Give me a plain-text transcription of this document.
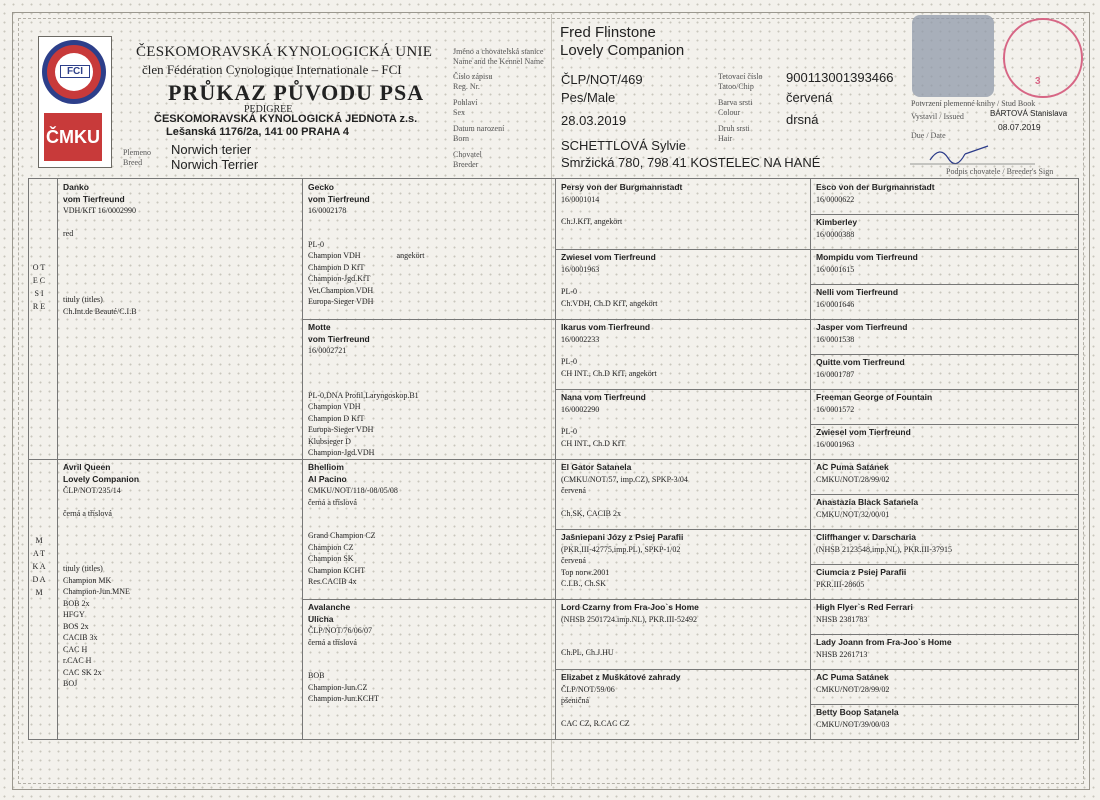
FCI
ČMKU
ČESKOMORAVSKÁ KYNOLOGICKÁ UNIE
člen Fédération Cynologique Internationale – FCI
PRŮKAZ PŮVODU PSA
PEDIGREE
ČESKOMORAVSKÁ KYNOLOGICKÁ JEDNOTA z.s.
Lešanská 1176/2a, 141 00 PRAHA 4
Plemeno
Breed
Norwich terier
Norwich Terrier
Jméno a chovatelská stanice
Name and the Kennel Name
Číslo zápisu
Reg. Nr.
Pohlaví
Sex
Datum narození
Born
Chovatel
Breeder
Fred Flinstone
Lovely Companion
ČLP/NOT/469
Pes/Male
28.03.2019
SCHETTLOVÁ Sylvie
Smržická 780, 798 41 KOSTELEC NA HANÉ
Tetovací číslo
Tatoo/Chip
Barva srsti
Colour
Druh srsti
Hair
900113001393466
červená
drsná
3
Potvrzení plemenné knihy / Stud Book
Vystavil / Issued	BÁRTOVÁ Stanislava
Due / Date
08.07.2019
Podpis chovatele / Breeder's Sign
O T E C S I R E
M A T K A D A M
Danko
vom Tierfreund
VDH/KfT 16/0002990
red
tituly (titles)
Ch.Int.de Beauté/C.I.B
Avril Queen
Lovely Companion
ČLP/NOT/235/14
černá a tříslová
tituly (titles)
Champion MK
Champion-Jun.MNE
BOB 2x
HFGY
BOS 2x
CACIB 3x
CAC H
r.CAC H
CAC SK 2x
BOJ
Gecko
vom Tierfreund
16/0002178
PL-0
Champion VDH                  angekört
Champion D KfT
Champion-Jgd.KfT
Vet.Champion VDH
Europa-Sieger VDH
Motte
vom Tierfreund
16/0002721
PL-0,DNA Profil,Laryngoskop.B1
Champion VDH
Champion D KfT
Europa-Sieger VDH
Klubsieger D
Champion-Jgd.VDH
Bhelliom
Al Pacino
CMKU/NOT/118/-08/05/08
černá a tříslová
Grand Champion CZ
Champion CZ
Champion SK
Champion KCHT
Res.CACIB 4x
Avalanche
Ulicha
ČLP/NOT/76/06/07
černá a tříslová
BOB
Champion-Jun.CZ
Champion-Jun.KCHT
Persy von der Burgmannstadt
16/0001014
Ch.J.KfT, angekört
Zwiesel vom Tierfreund
16/0001963
PL-0
Ch.VDH, Ch.D KfT, angekört
Ikarus vom Tierfreund
16/0002233
PL-0
CH INT., Ch.D KfT, angekört
Nana vom Tierfreund
16/0002290
PL-0
CH INT., Ch.D KfT
El Gator Satanela
(CMKU/NOT/57, imp.CZ), SPKP-3/04
červená
Ch.SK, CACIB 2x
Jašniepani Józy z Psiej Parafii
(PKR.III-42775,imp.PL), SPKP-1/02
červená
Top norw.2001
C.I.B., Ch.SK
Lord Czarny from Fra-Joo`s Home
(NHSB 2501724.imp.NL), PKR.III-52492
Ch.PL, Ch.J.HU
Elizabet z Muškátové zahrady
ČLP/NOT/59/06
pšeničná
CAC CZ, R.CAC CZ
Esco von der Burgmannstadt
16/0000622
Kimberley
16/0000388
Mompidu vom Tierfreund
16/0001615
Nelli vom Tierfreund
16/0001646
Jasper vom Tierfreund
16/0001538
Quitte vom Tierfreund
16/0001787
Freeman George of Fountain
16/0001572
Zwiesel vom Tierfreund
16/0001963
AC Puma Satánek
CMKU/NOT/28/99/02
Anastazia Black Satanela
CMKU/NOT/32/00/01
Cliffhanger v. Darscharia
(NHSB 2123548,imp.NL), PKR.III-37915
Ciumcia z Psiej Parafii
PKR.III-28605
High Flyer`s Red Ferrari
NHSB 2381783
Lady Joann from Fra-Joo`s Home
NHSB 2261713
AC Puma Satánek
CMKU/NOT/28/99/02
Betty Boop Satanela
CMKU/NOT/39/00/03
